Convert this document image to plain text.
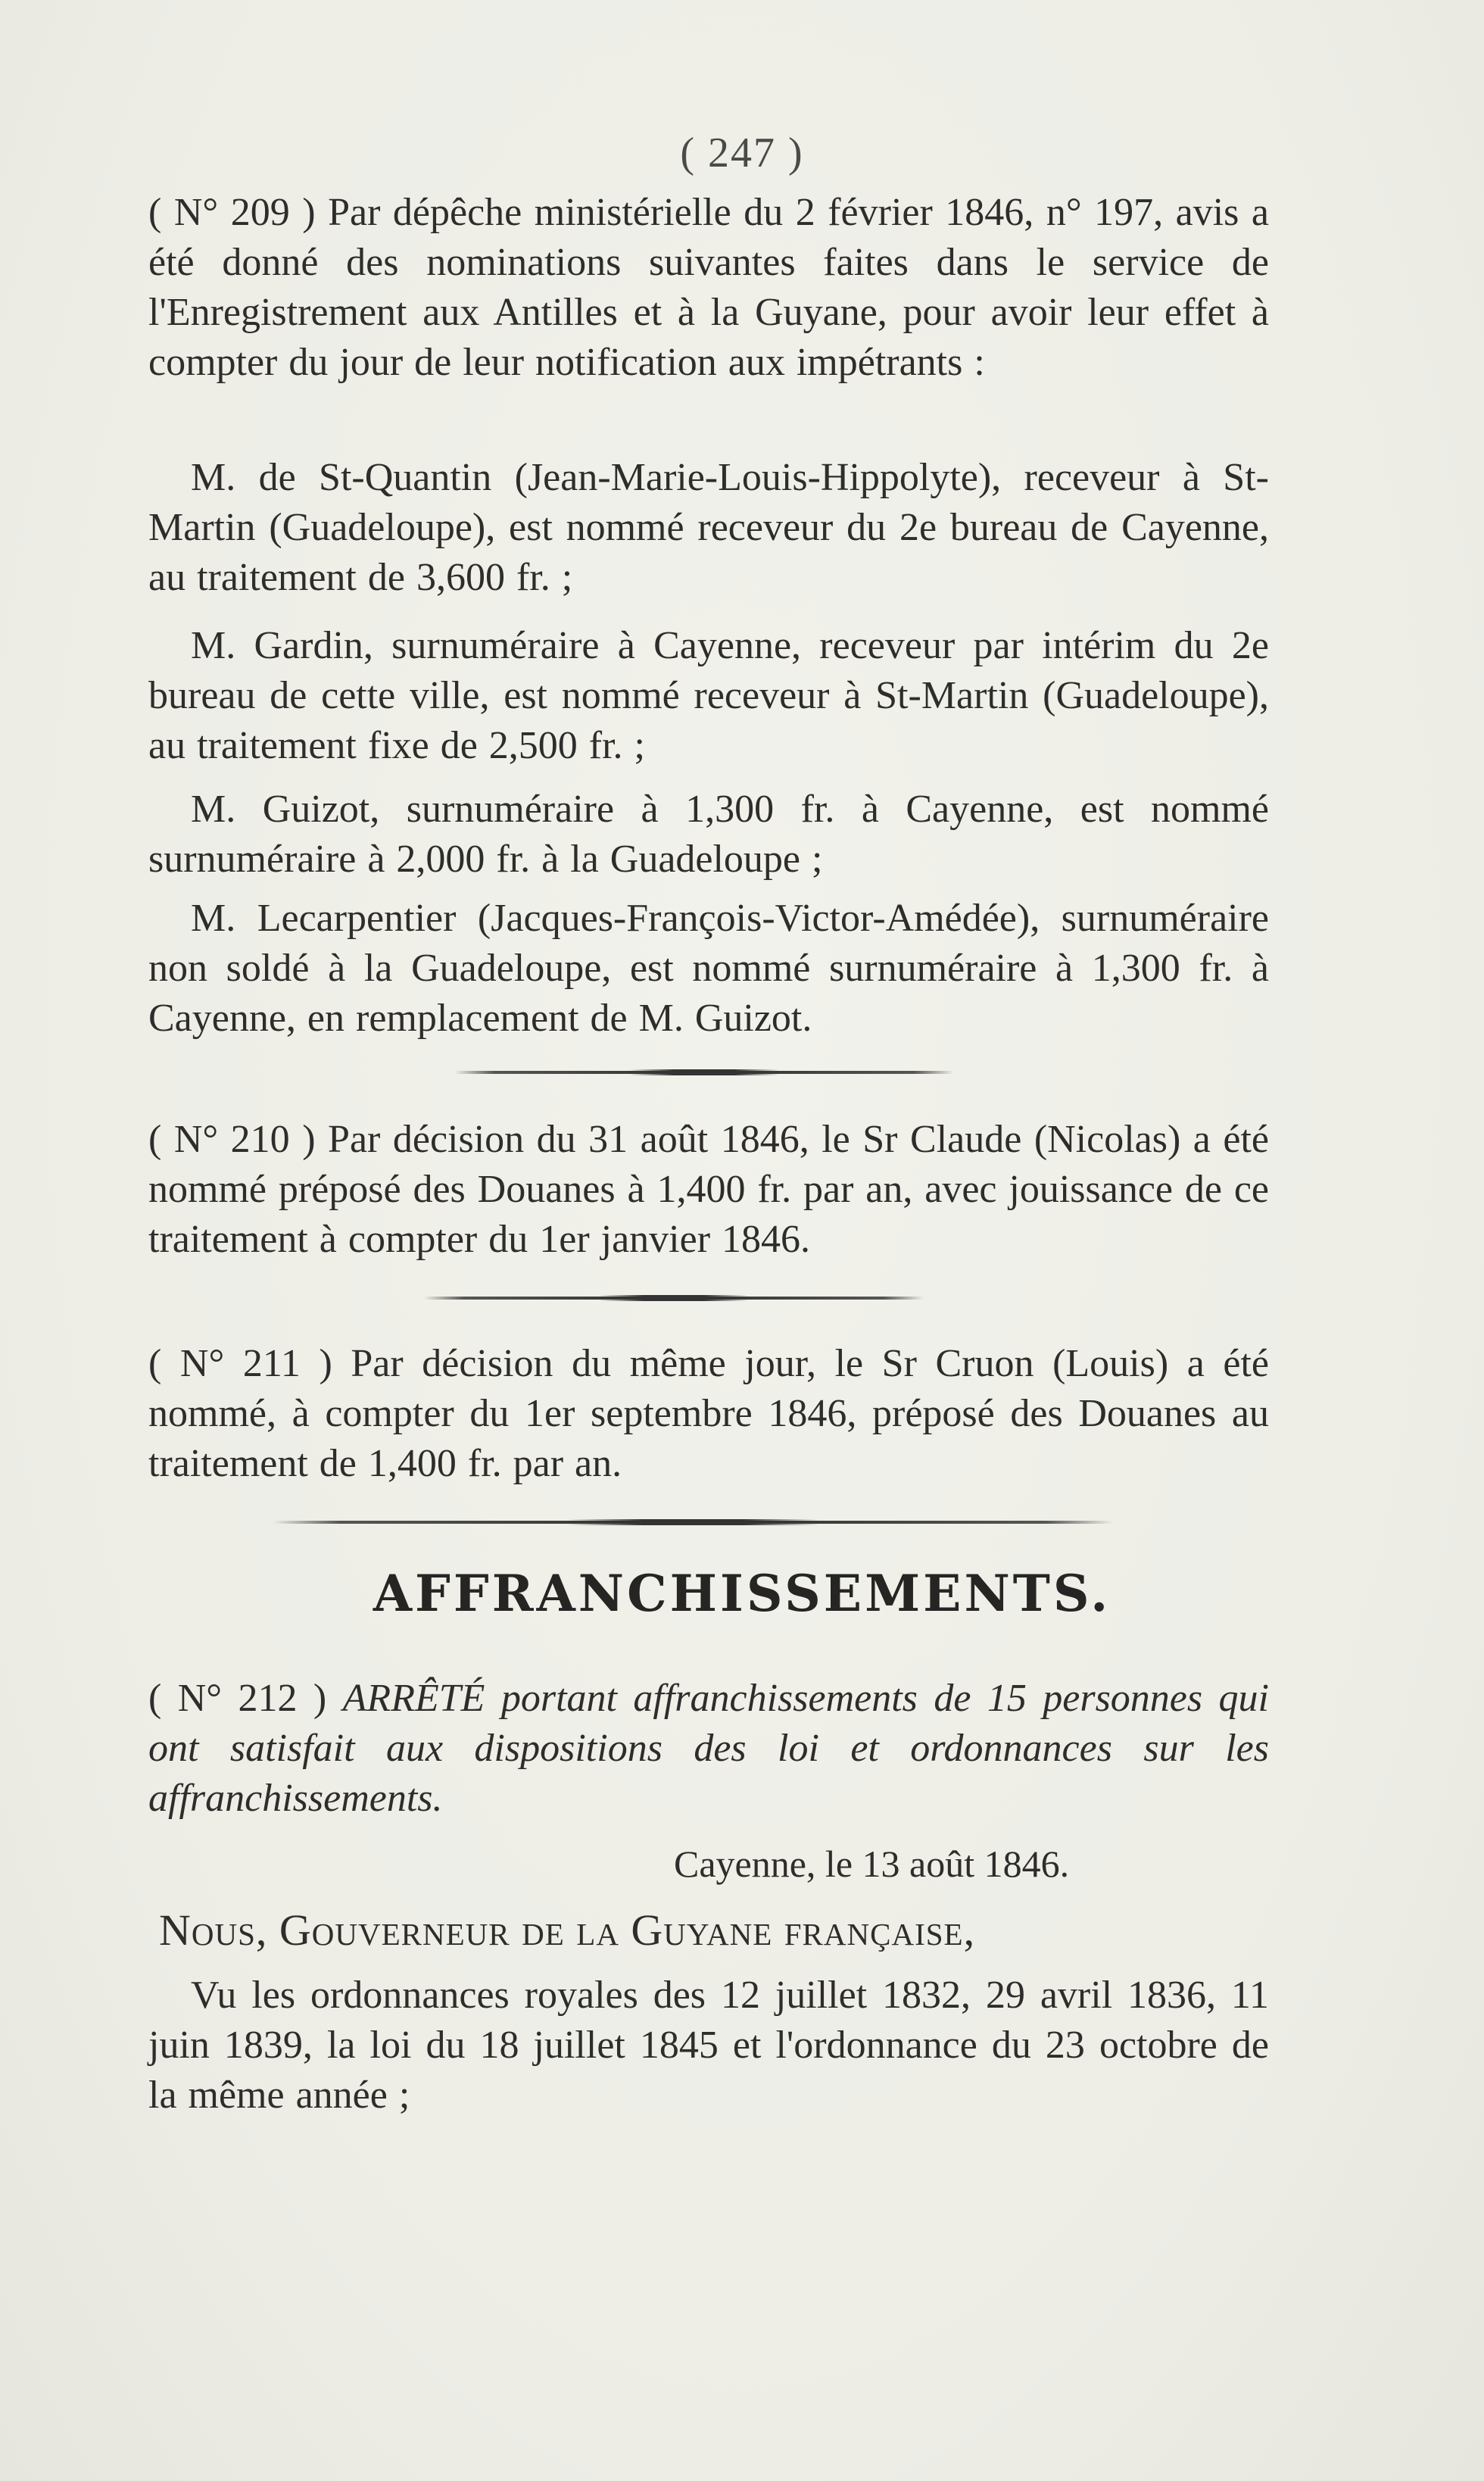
( 247 )

( N° 209 ) Par dépêche ministérielle du 2 février 1846, n° 197, avis a été donné des nominations suivantes faites dans le service de l'Enregistrement aux Antilles et à la Guyane, pour avoir leur effet à compter du jour de leur notification aux impétrants :

M. de St-Quantin (Jean-Marie-Louis-Hippolyte), receveur à St-Martin (Guadeloupe), est nommé receveur du 2e bureau de Cayenne, au traitement de 3,600 fr. ;

M. Gardin, surnuméraire à Cayenne, receveur par intérim du 2e bureau de cette ville, est nommé receveur à St-Martin (Guadeloupe), au traitement fixe de 2,500 fr. ;

M. Guizot, surnuméraire à 1,300 fr. à Cayenne, est nommé surnuméraire à 2,000 fr. à la Guadeloupe ;

M. Lecarpentier (Jacques-François-Victor-Amédée), surnuméraire non soldé à la Guadeloupe, est nommé surnuméraire à 1,300 fr. à Cayenne, en remplacement de M. Guizot.

( N° 210 ) Par décision du 31 août 1846, le Sr Claude (Nicolas) a été nommé préposé des Douanes à 1,400 fr. par an, avec jouissance de ce traitement à compter du 1er janvier 1846.

( N° 211 ) Par décision du même jour, le Sr Cruon (Louis) a été nommé, à compter du 1er septembre 1846, préposé des Douanes au traitement de 1,400 fr. par an.

AFFRANCHISSEMENTS.

( N° 212 ) ARRÊTÉ portant affranchissements de 15 personnes qui ont satisfait aux dispositions des loi et ordonnances sur les affranchissements.

Cayenne, le 13 août 1846.
Nous, Gouverneur de la Guyane française,

Vu les ordonnances royales des 12 juillet 1832, 29 avril 1836, 11 juin 1839, la loi du 18 juillet 1845 et l'ordonnance du 23 octobre de la même année ;
